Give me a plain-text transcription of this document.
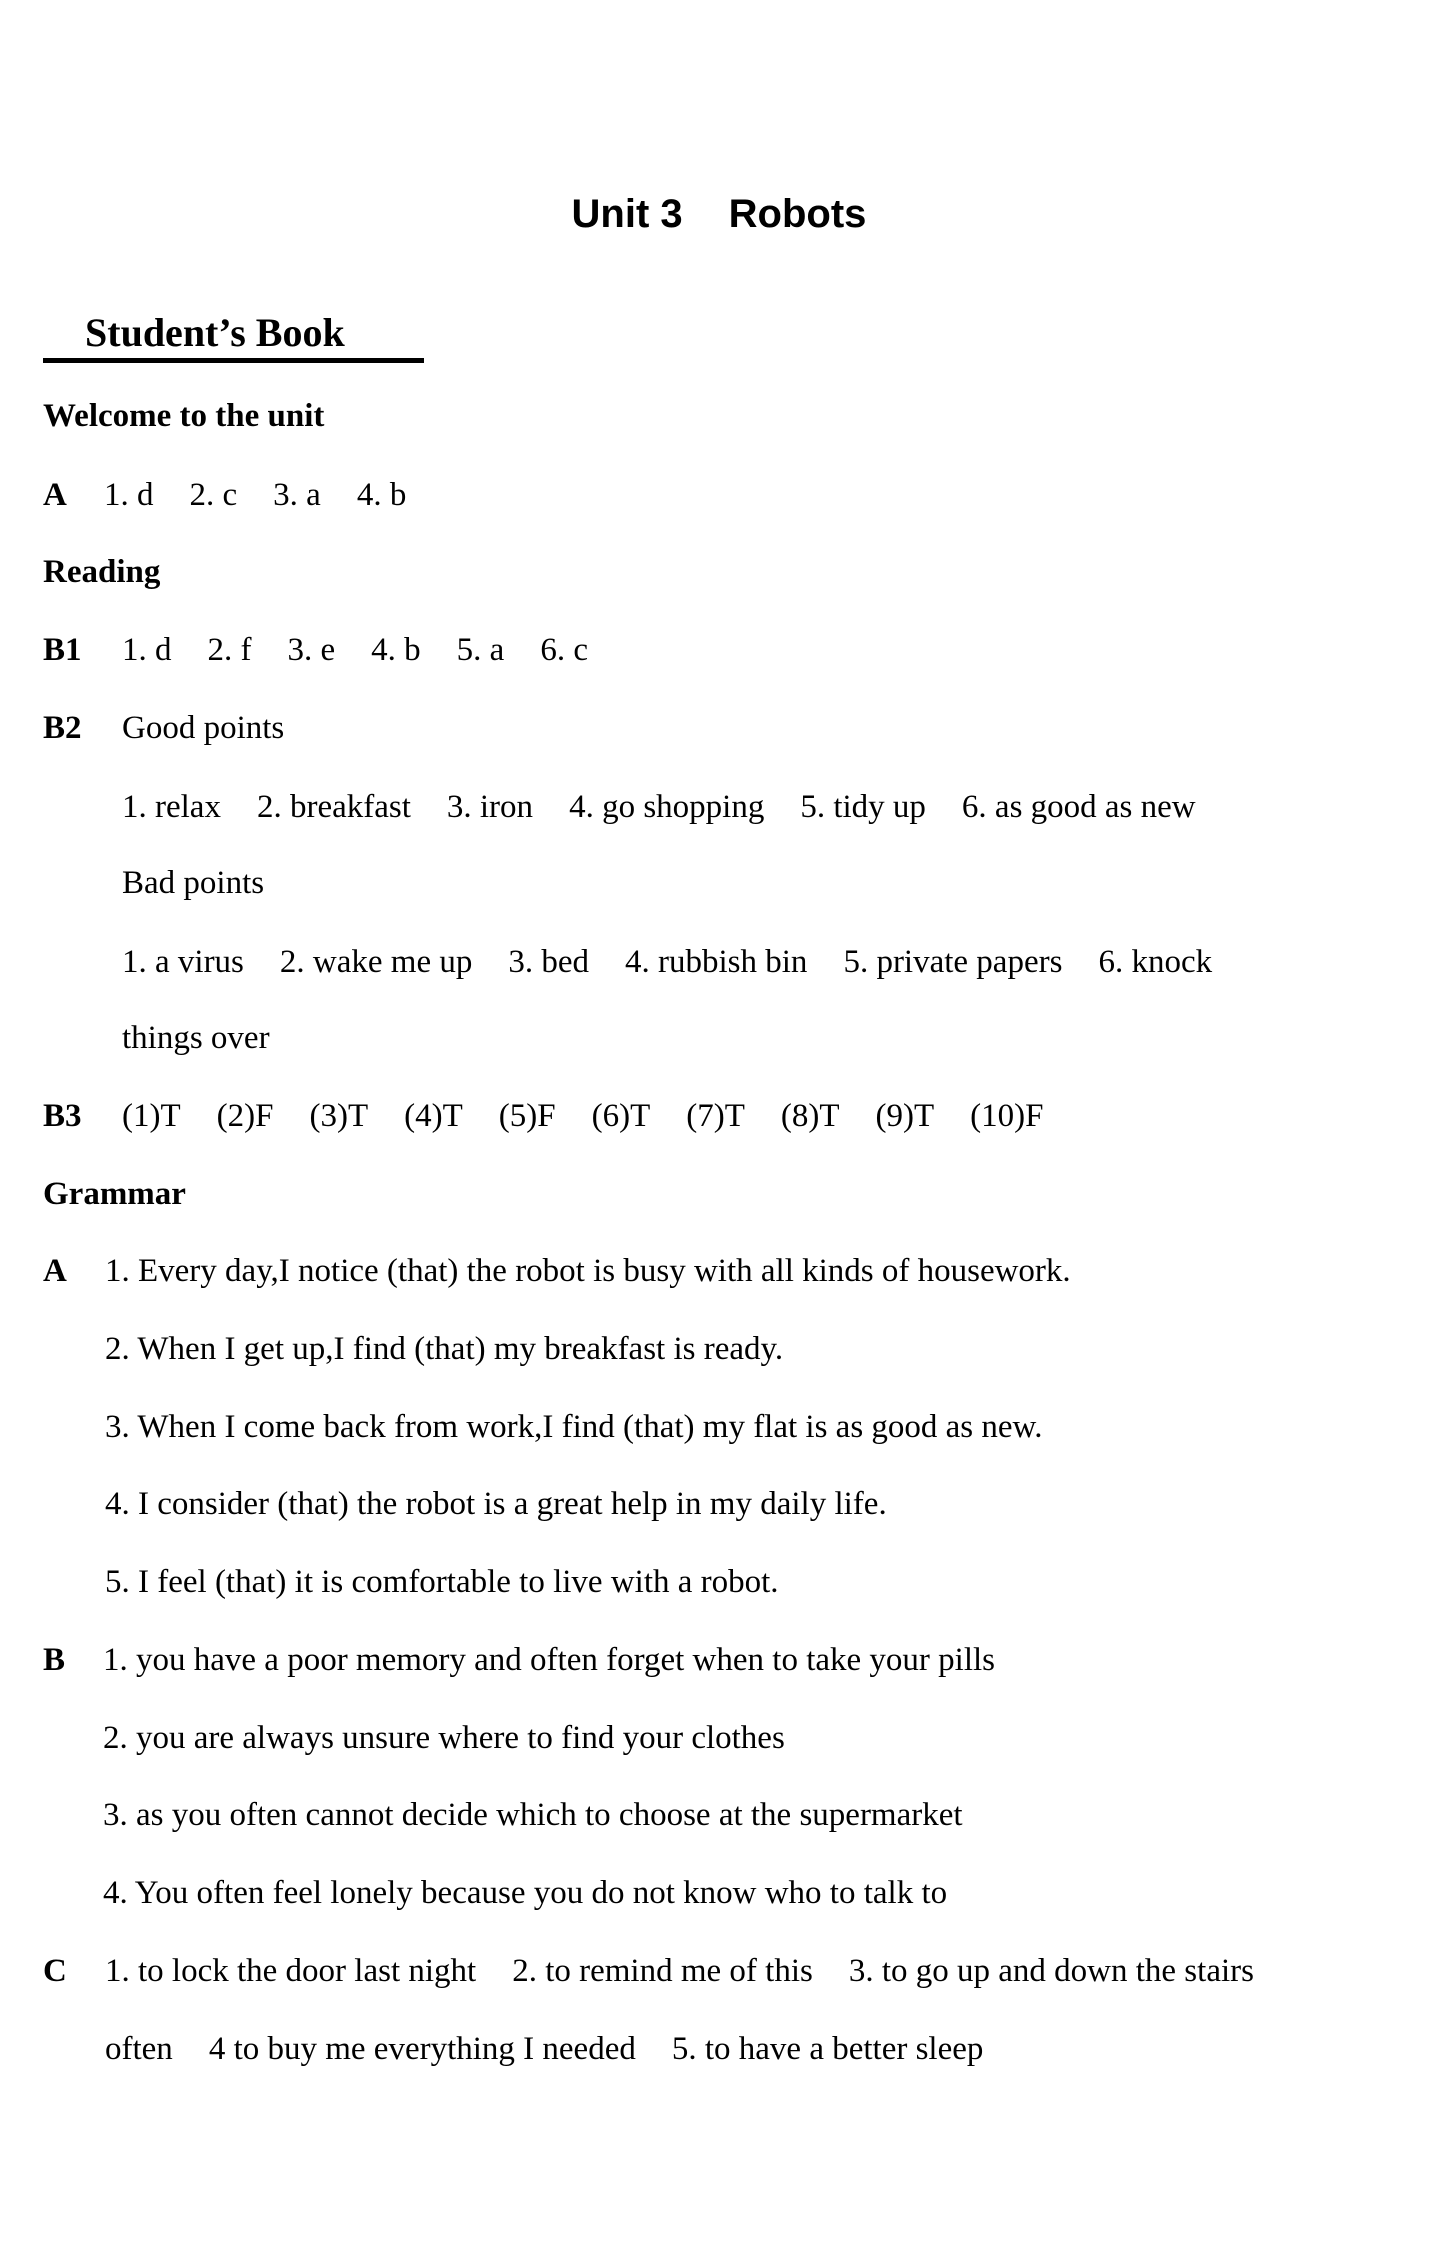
Unit 3 Robots
Student’s Book
Welcome to the unit
A 1. d 2. c 3. a 4. b
Reading
B1 1. d 2. f 3. e 4. b 5. a 6. c
B2 Good points
1. relax 2. breakfast 3. iron 4. go shopping 5. tidy up 6. as good as new
Bad points
1. a virus 2. wake me up 3. bed 4. rubbish bin 5. private papers 6. knock
things over
B3 (1)T (2)F (3)T (4)T (5)F (6)T (7)T (8)T (9)T (10)F
Grammar
A 1. Every day,I notice (that) the robot is busy with all kinds of housework.
2. When I get up,I find (that) my breakfast is ready.
3. When I come back from work,I find (that) my flat is as good as new.
4. I consider (that) the robot is a great help in my daily life.
5. I feel (that) it is comfortable to live with a robot.
B 1. you have a poor memory and often forget when to take your pills
2. you are always unsure where to find your clothes
3. as you often cannot decide which to choose at the supermarket
4. You often feel lonely because you do not know who to talk to
C 1. to lock the door last night 2. to remind me of this 3. to go up and down the stairs
often 4 to buy me everything I needed 5. to have a better sleep
